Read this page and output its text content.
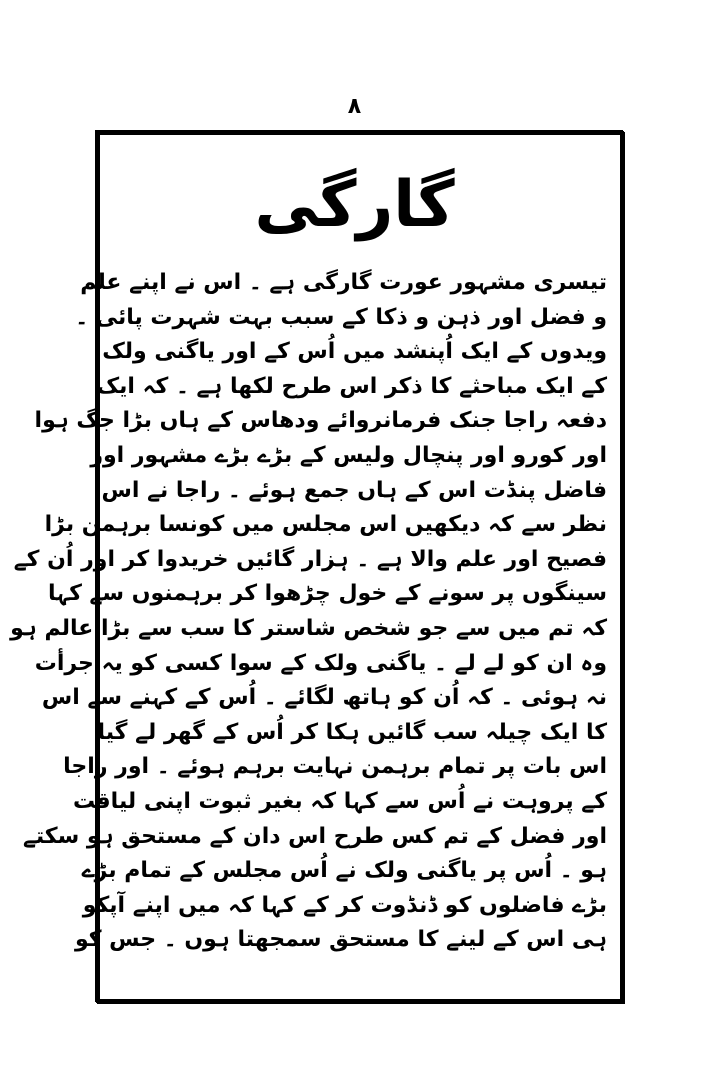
۸
گارگی
تیسری مشہور عورت گارگی ہے ۔ اس نے اپنے علم
و فضل اور ذہن و ذکا کے سبب بہت شہرت پائی ۔
ویدوں کے ایک اُپنشد میں اُس کے اور یاگنی ولک
کے ایک مباحثے کا ذکر اس طرح لکھا ہے ۔ کہ ایک
دفعہ راجا جنک فرمانروائے ودھاس کے ہاں بڑا جگ ہوا
اور کورو اور پنچال ولیس کے بڑے بڑے مشہور اور
فاضل پنڈت اس کے ہاں جمع ہوئے ۔ راجا نے اس
نظر سے کہ دیکھیں اس مجلس میں کونسا برہمن بڑا
فصیح اور علم والا ہے ۔ ہزار گائیں خریدوا کر اور اُن کے
سینگوں پر سونے کے خول چڑھوا کر برہمنوں سے کہا
کہ تم میں سے جو شخص شاستر کا سب سے بڑا عالم ہو
وہ ان کو لے لے ۔ یاگنی ولک کے سوا کسی کو یہ جرأت
نہ ہوئی ۔ کہ اُن کو ہاتھ لگائے ۔ اُس کے کہنے سے اس
کا ایک چیلہ سب گائیں ہکا کر اُس کے گھر لے گیا
اس بات پر تمام برہمن نہایت برہم ہوئے ۔ اور راجا
کے پروہت نے اُس سے کہا کہ بغیر ثبوت اپنی لیاقت
اور فضل کے تم کس طرح اس دان کے مستحق ہو سکتے
ہو ۔ اُس پر یاگنی ولک نے اُس مجلس کے تمام بڑے
بڑے فاضلوں کو ڈنڈوت کر کے کہا کہ میں اپنے آپکو
ہی اس کے لینے کا مستحق سمجھتا ہوں ۔ جس کو
